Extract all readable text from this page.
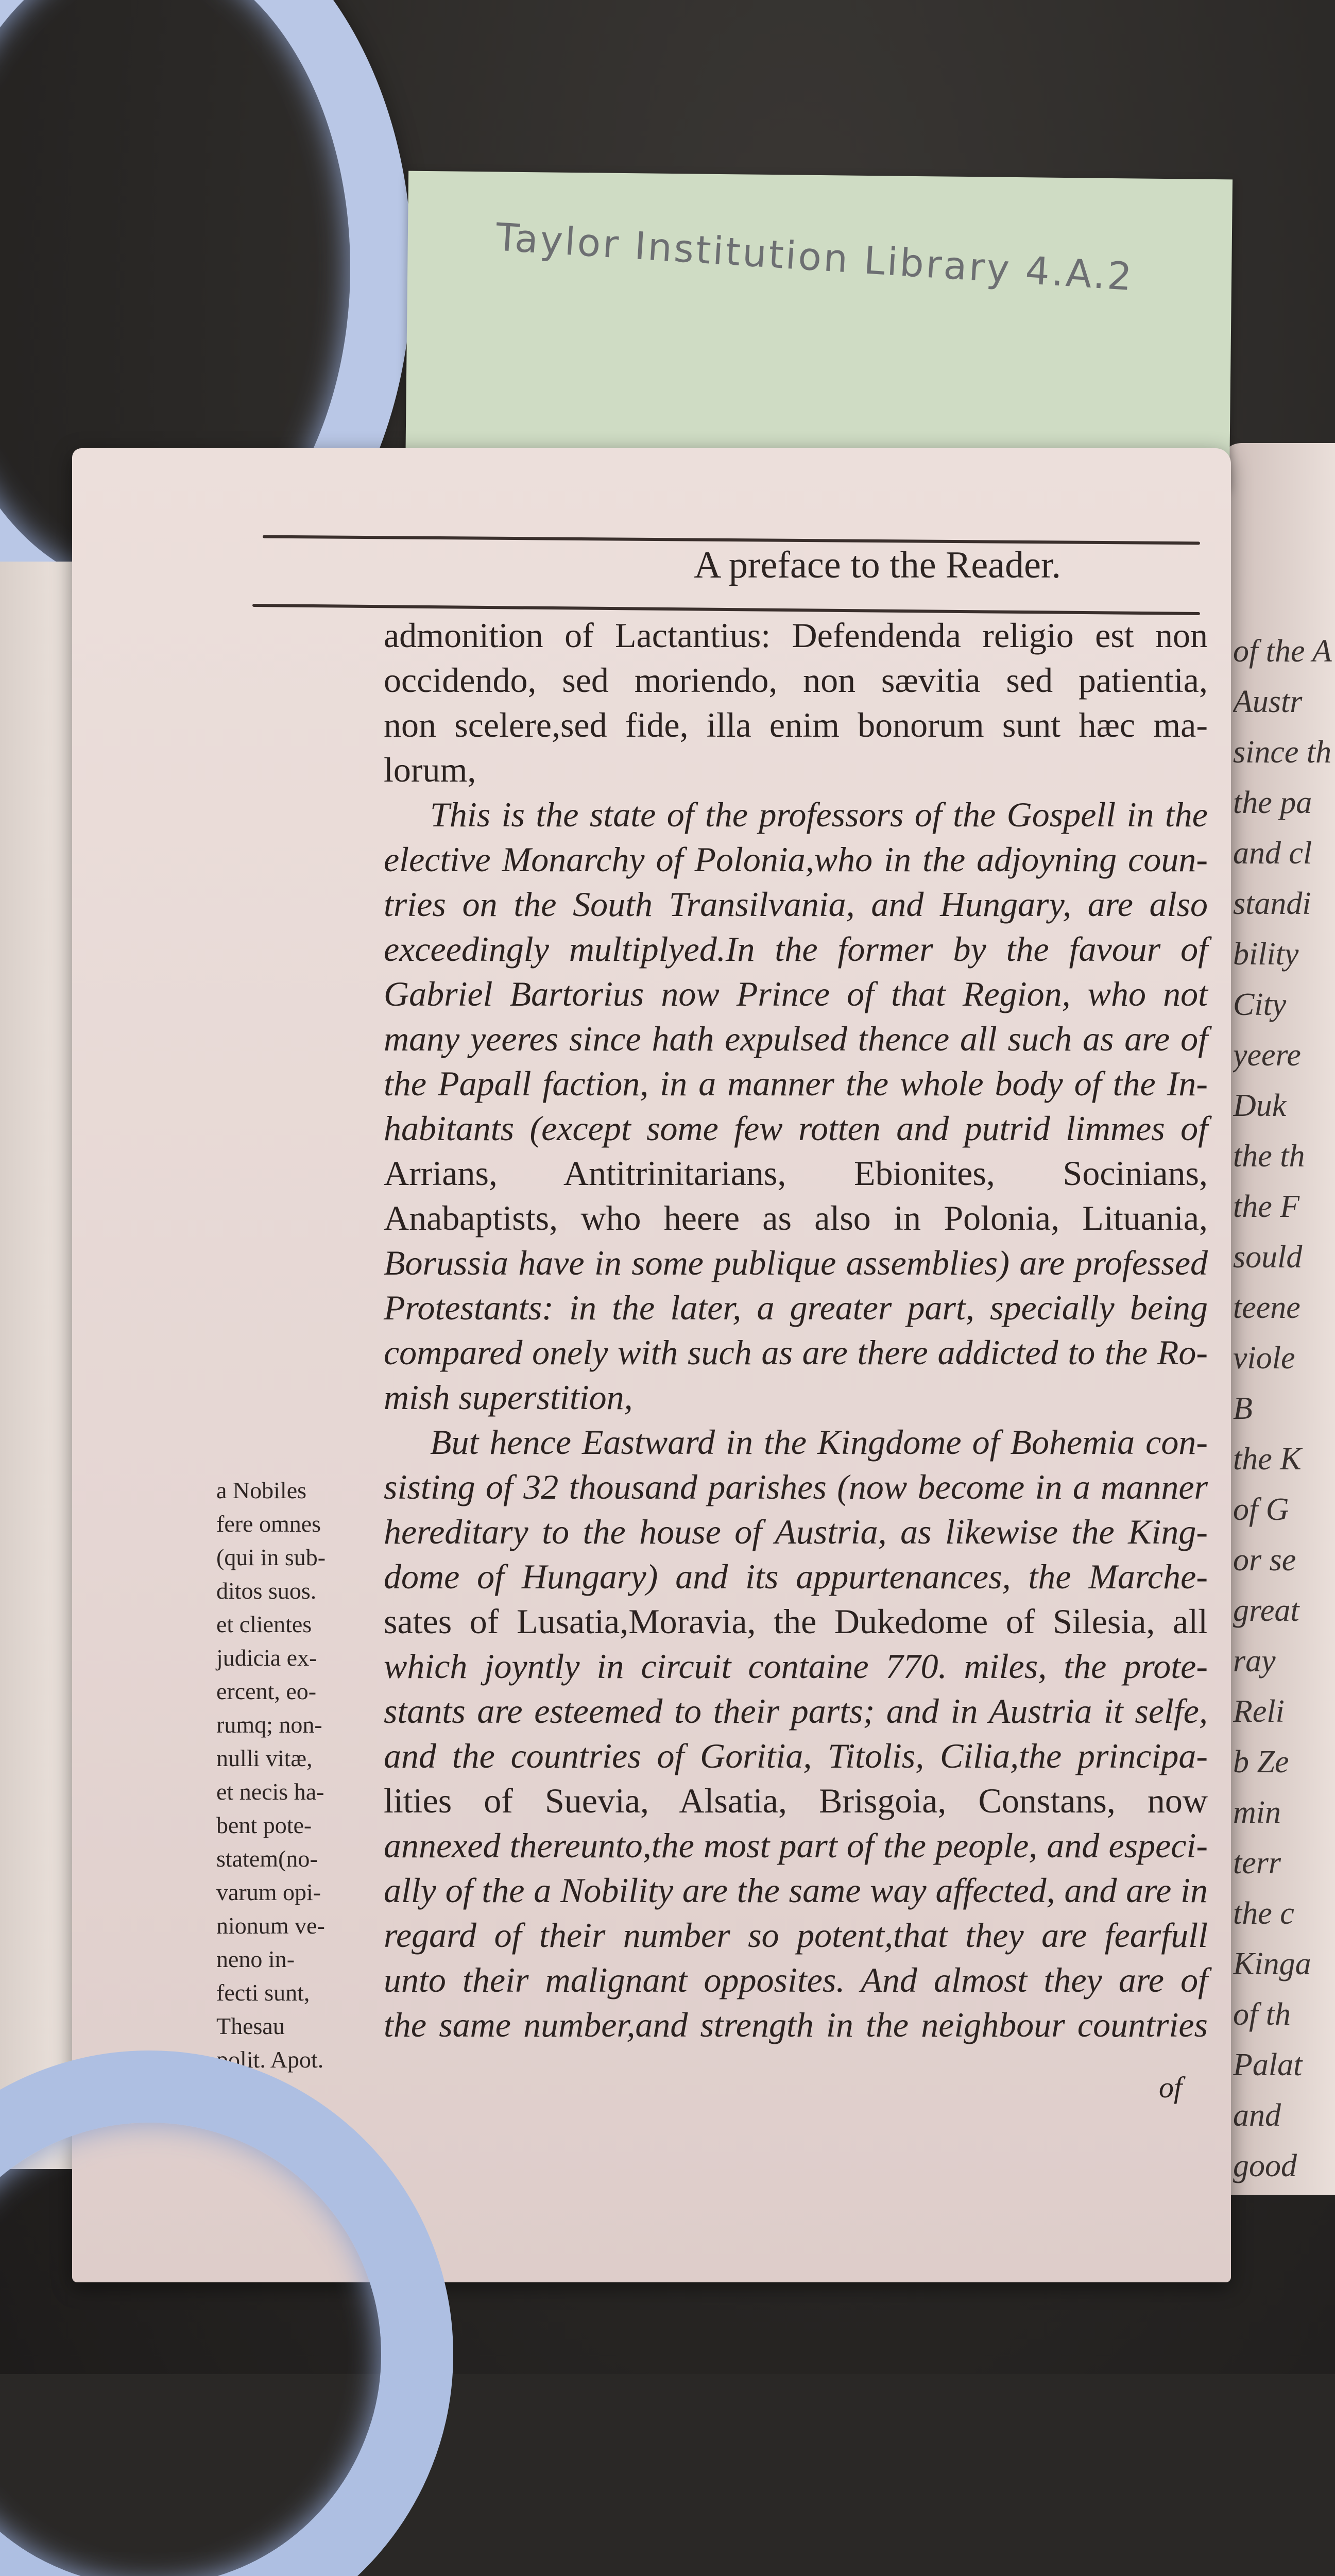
of the A
Austr
since th
the pa
and cl
standi
bility
City
yeere
Duk
the th
the F
sould
teene
viole
B
the K
of G
or se
great
ray
Reli
b Ze
min
terr
the c
Kinga
of th
Palat
and
good
Taylor Institution Library 4.A.2
A preface to the Reader.
admonition of Lactantius: Defendenda religio est non
occidendo, sed moriendo, non sævitia sed patientia,
non scelere,sed fide, illa enim bonorum sunt hæc ma-
lorum,
This is the state of the professors of the Gospell in the
elective Monarchy of Polonia,who in the adjoyning coun-
tries on the South Transilvania, and Hungary, are also
exceedingly multiplyed.In the former by the favour of
Gabriel Bartorius now Prince of that Region, who not
many yeeres since hath expulsed thence all such as are of
the Papall faction, in a manner the whole body of the In-
habitants (except some few rotten and putrid limmes of
Arrians, Antitrinitarians, Ebionites, Socinians,
Anabaptists, who heere as also in Polonia, Lituania,
Borussia have in some publique assemblies) are professed
Protestants: in the later, a greater part, specially being
compared onely with such as are there addicted to the Ro-
mish superstition,
But hence Eastward in the Kingdome of Bohemia con-
sisting of 32 thousand parishes (now become in a manner
hereditary to the house of Austria, as likewise the King-
dome of Hungary) and its appurtenances, the Marche-
sates of Lusatia,Moravia, the Dukedome of Silesia, all
which joyntly in circuit containe 770. miles, the prote-
stants are esteemed to their parts; and in Austria it selfe,
and the countries of Goritia, Titolis, Cilia,the principa-
lities of Suevia, Alsatia, Brisgoia, Constans, now
annexed thereunto,the most part of the people, and especi-
ally of the a Nobility are the same way affected, and are in
regard of their number so potent,that they are fearfull
unto their malignant opposites. And almost they are of
the same number,and strength in the neighbour countries
a Nobiles
fere omnes
(qui in sub-
ditos suos.
et clientes
judicia ex-
ercent, eo-
rumq; non-
nulli vitæ,
et necis ha-
bent pote-
statem(no-
varum opi-
nionum ve-
neno in-
fecti sunt,
Thesau
polit. Apot.
6.	of
